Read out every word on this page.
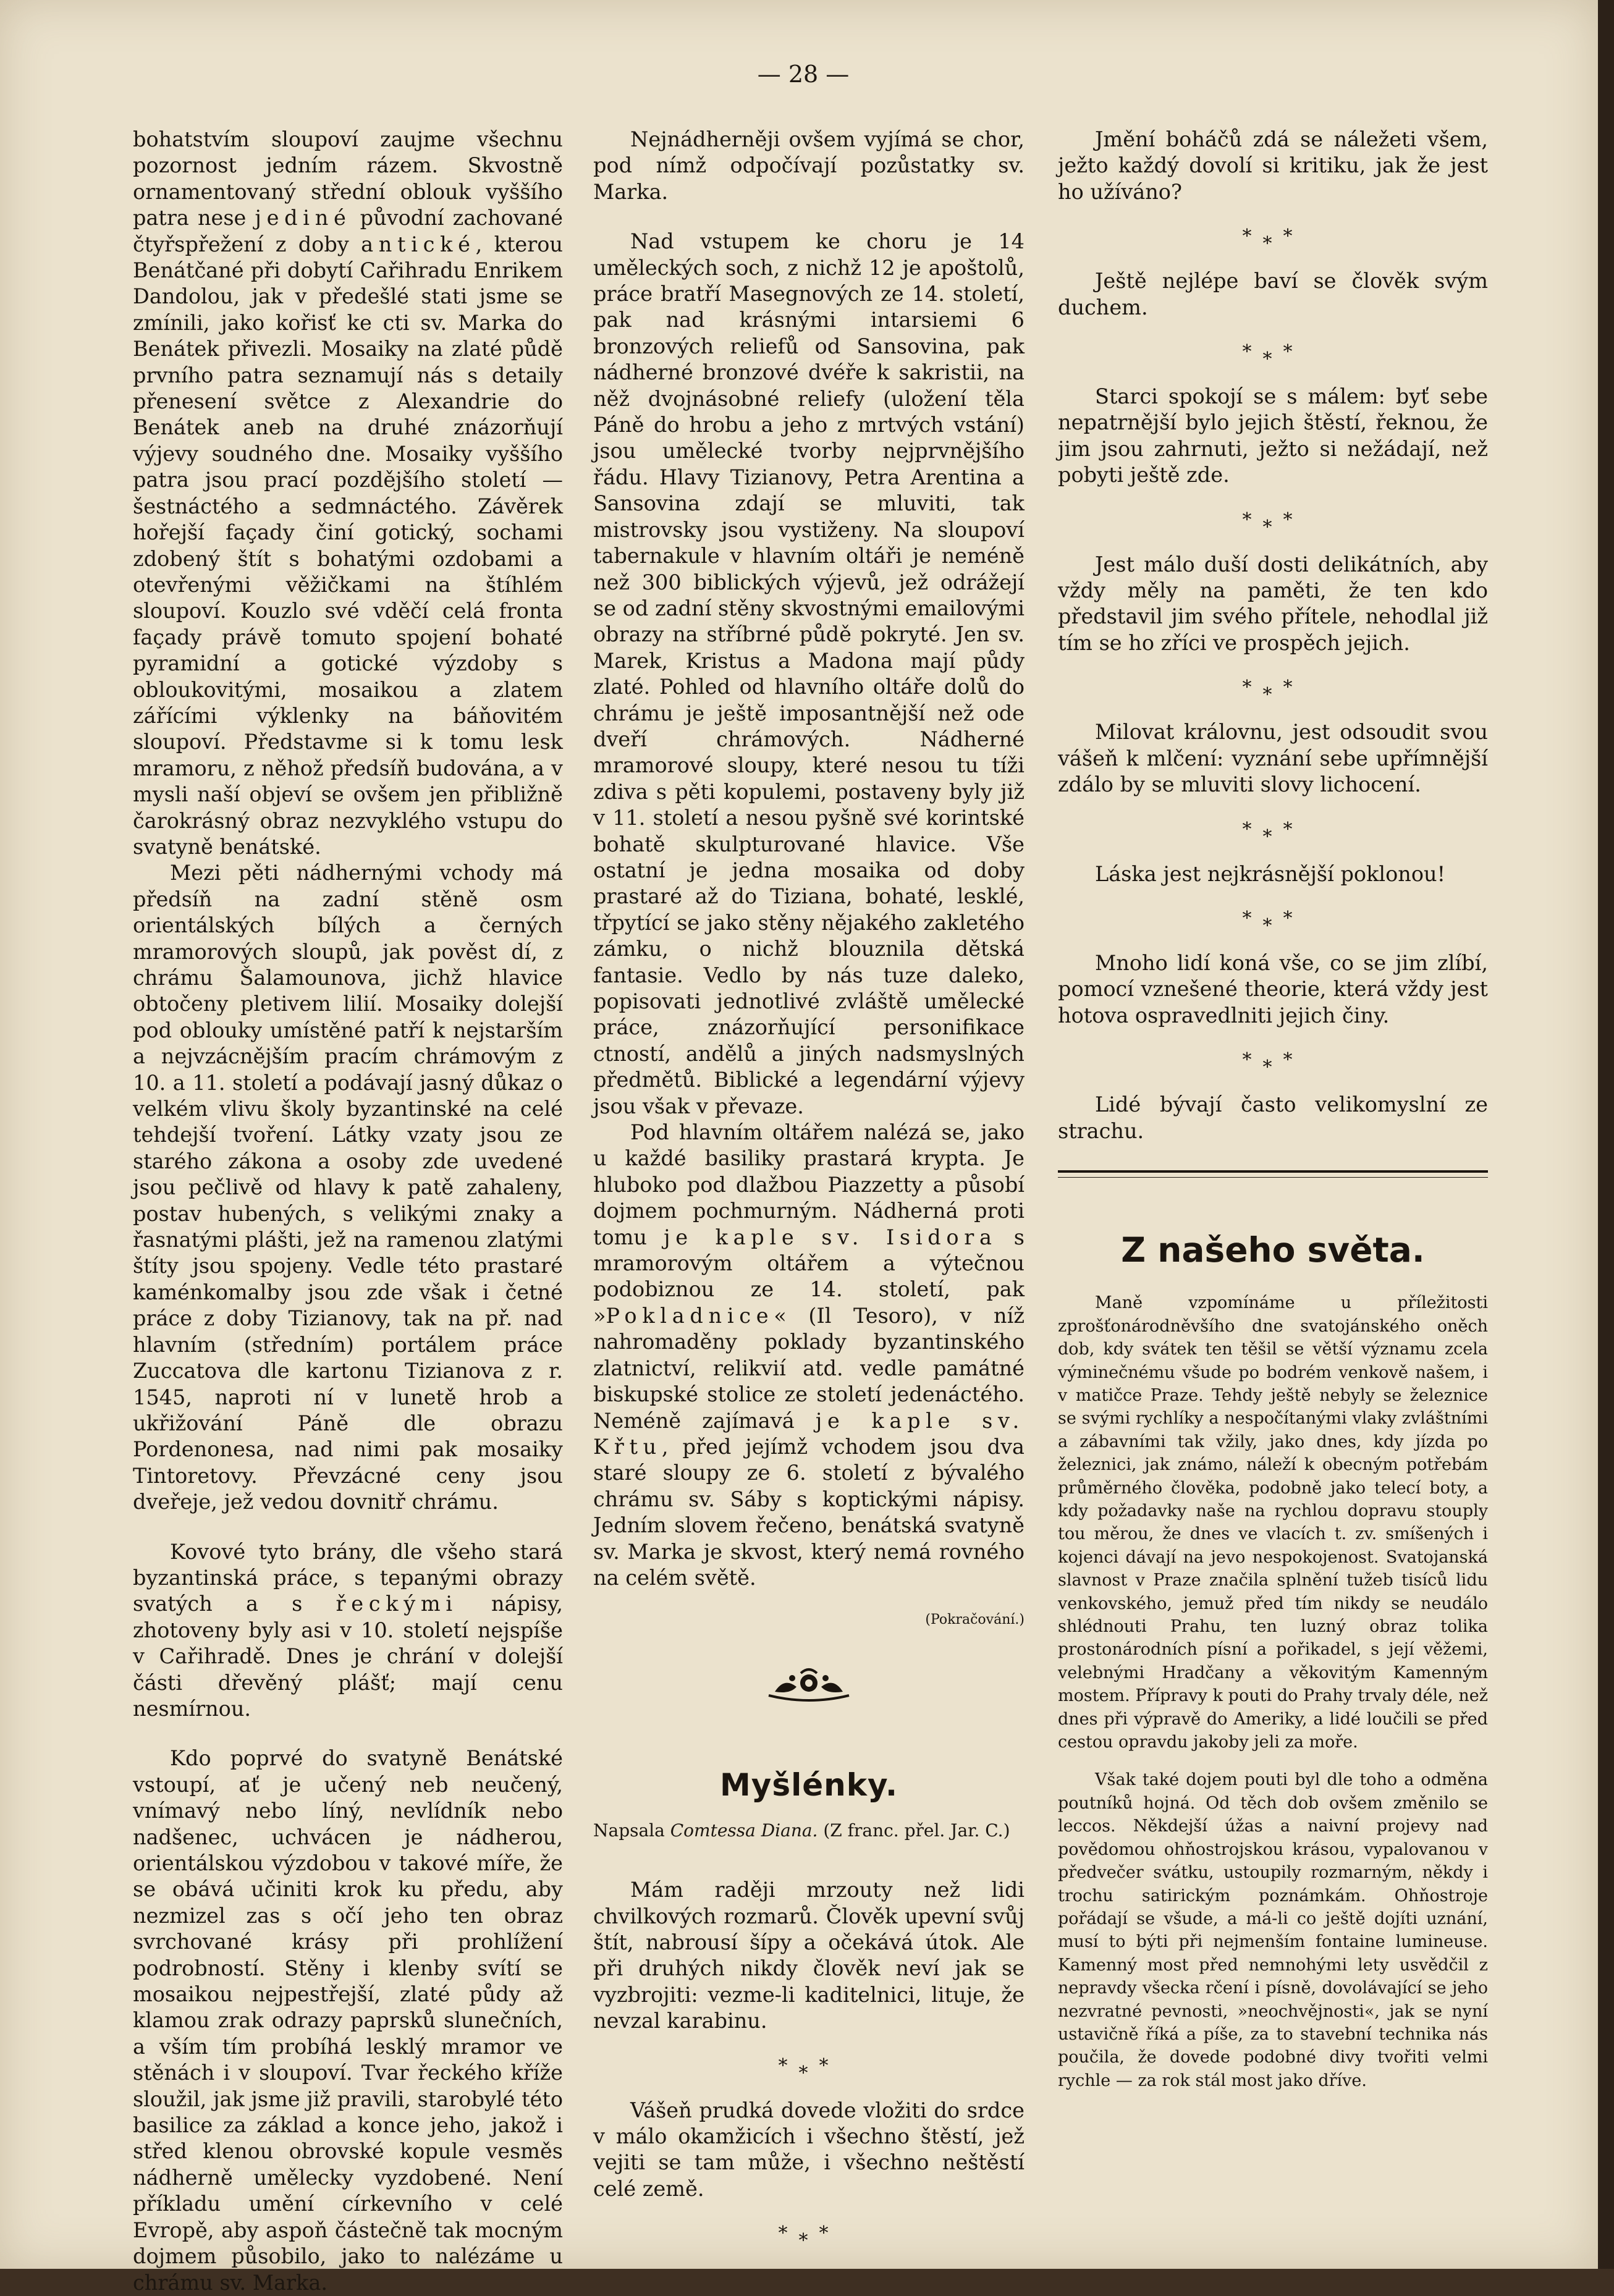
— 28 —

bohatstvím sloupoví zaujme všechnu pozornost jedním rázem. Skvostně ornamentovaný střední oblouk vyššího patra nese jediné původní zachované čtyřspřežení z doby antické, kterou Benátčané při dobytí Cařihradu Enrikem Dandolou, jak v předešlé stati jsme se zmínili, jako kořisť ke cti sv. Marka do Benátek přivezli. Mosaiky na zlaté půdě prvního patra seznamují nás s detaily přenesení světce z Alexandrie do Benátek aneb na druhé znázorňují výjevy soudného dne. Mosaiky vyššího patra jsou prací pozdějšího století — šestnáctého a sedmnáctého. Závěrek hořejší façady činí gotický, sochami zdobený štít s bohatými ozdobami a otevřenými věžičkami na štíhlém sloupoví. Kouzlo své vděčí celá fronta façady právě tomuto spojení bohaté pyramidní a gotické výzdoby s obloukovitými, mosaikou a zlatem zářícími výklenky na báňovitém sloupoví. Představme si k tomu lesk mramoru, z něhož předsíň budována, a v mysli naší objeví se ovšem jen přibližně čarokrásný obraz nezvyklého vstupu do svatyně benátské.

Mezi pěti nádhernými vchody má předsíň na zadní stěně osm orientálských bílých a černých mramorových sloupů, jak pověst dí, z chrámu Šalamounova, jichž hlavice obtočeny pletivem lilií. Mosaiky dolejší pod oblouky umístěné patří k nejstarším a nejvzácnějším pracím chrámovým z 10. a 11. století a podávají jasný důkaz o velkém vlivu školy byzantinské na celé tehdejší tvoření. Látky vzaty jsou ze starého zákona a osoby zde uvedené jsou pečlivě od hlavy k patě zahaleny, postav hubených, s velikými znaky a řasnatými plášti, jež na ramenou zlatými štíty jsou spojeny. Vedle této prastaré kaménkomalby jsou zde však i četné práce z doby Tizianovy, tak na př. nad hlavním (středním) portálem práce Zuccatova dle kartonu Tizianova z r. 1545, naproti ní v lunetě hrob a ukřižování Páně dle obrazu Pordenonesa, nad nimi pak mosaiky Tintoretovy. Převzácné ceny jsou dveřeje, jež vedou dovnitř chrámu.

Kovové tyto brány, dle všeho stará byzantinská práce, s tepanými obrazy svatých a s řeckými nápisy, zhotoveny byly asi v 10. století nejspíše v Cařihradě. Dnes je chrání v dolejší části dřevěný plášť; mají cenu nesmírnou.

Kdo poprvé do svatyně Benátské vstoupí, ať je učený neb neučený, vnímavý nebo líný, nevlídník nebo nadšenec, uchvácen je nádherou, orientálskou výzdobou v takové míře, že se obává učiniti krok ku předu, aby nezmizel zas s očí jeho ten obraz svrchované krásy při prohlížení podrobností. Stěny i klenby svítí se mosaikou nejpestřejší, zlaté půdy až klamou zrak odrazy paprsků slunečních, a vším tím probíhá lesklý mramor ve stěnách i v sloupoví. Tvar řeckého kříže sloužil, jak jsme již pravili, starobylé této basilice za základ a konce jeho, jakož i střed klenou obrovské kopule vesměs nádherně umělecky vyzdobené. Není příkladu umění církevního v celé Evropě, aby aspoň částečně tak mocným dojmem působilo, jako to nalézáme u chrámu sv. Marka.

Nejnádherněji ovšem vyjímá se chor, pod nímž odpočívají pozůstatky sv. Marka.

Nad vstupem ke choru je 14 uměleckých soch, z nichž 12 je apoštolů, práce bratří Masegnových ze 14. století, pak nad krásnými intarsiemi 6 bronzových reliefů od Sansovina, pak nádherné bronzové dvéře k sakristii, na něž dvojnásobné reliefy (uložení těla Páně do hrobu a jeho z mrtvých vstání) jsou umělecké tvorby nejprvnějšího řádu. Hlavy Tizianovy, Petra Arentina a Sansovina zdají se mluviti, tak mistrovsky jsou vystiženy. Na sloupoví tabernakule v hlavním oltáři je neméně než 300 biblických výjevů, jež odrážejí se od zadní stěny skvostnými emailovými obrazy na stříbrné půdě pokryté. Jen sv. Marek, Kristus a Madona mají půdy zlaté. Pohled od hlavního oltáře dolů do chrámu je ještě imposantnější než ode dveří chrámových. Nádherné mramorové sloupy, které nesou tu tíži zdiva s pěti kopulemi, postaveny byly již v 11. století a nesou pyšně své korintské bohatě skulpturované hlavice. Vše ostatní je jedna mosaika od doby prastaré až do Tiziana, bohaté, lesklé, třpytící se jako stěny nějakého zakletého zámku, o nichž blouznila dětská fantasie. Vedlo by nás tuze daleko, popisovati jednotlivé zvláště umělecké práce, znázorňující personifikace ctností, andělů a jiných nadsmyslných předmětů. Biblické a legendární výjevy jsou však v převaze.

Pod hlavním oltářem nalézá se, jako u každé basiliky prastará krypta. Je hluboko pod dlažbou Piazzetty a působí dojmem pochmurným. Nádherná proti tomu je kaple sv. Isidora s mramorovým oltářem a výtečnou podobiznou ze 14. století, pak »Pokladnice« (Il Tesoro), v níž nahromaděny poklady byzantinského zlatnictví, relikvií atd. vedle památné biskupské stolice ze století jedenáctého. Neméně zajímavá je kaple sv. Křtu, před jejímž vchodem jsou dva staré sloupy ze 6. století z bývalého chrámu sv. Sáby s koptickými nápisy. Jedním slovem řečeno, benátská svatyně sv. Marka je skvost, který nemá rovného na celém světě.

(Pokračování.)

Myšlénky.

Napsala Comtessa Diana. (Z franc. přel. Jar. C.)

Mám raději mrzouty než lidi chvilkových rozmarů. Člověk upevní svůj štít, nabrousí šípy a očekává útok. Ale při druhých nikdy člověk neví jak se vyzbrojiti: vezme-li kaditelnici, lituje, že nevzal karabinu.

***

Vášeň prudká dovede vložiti do srdce v málo okamžicích i všechno štěstí, jež vejiti se tam může, i všechno neštěstí celé země.

***

Jmění boháčů zdá se náležeti všem, ježto každý dovolí si kritiku, jak že jest ho užíváno?

***

Ještě nejlépe baví se člověk svým duchem.

***

Starci spokojí se s málem: byť sebe nepatrnější bylo jejich štěstí, řeknou, že jim jsou zahrnuti, ježto si nežádají, než pobyti ještě zde.

***

Jest málo duší dosti delikátních, aby vždy měly na paměti, že ten kdo představil jim svého přítele, nehodlal již tím se ho zříci ve prospěch jejich.

***

Milovat královnu, jest odsoudit svou vášeň k mlčení: vyznání sebe upřímnější zdálo by se mluviti slovy lichocení.

***

Láska jest nejkrásnější poklonou!

***

Mnoho lidí koná vše, co se jim zlíbí, pomocí vznešené theorie, která vždy jest hotova ospravedlniti jejich činy.

***

Lidé bývají často velikomyslní ze strachu.

Z našeho světa.

Maně vzpomínáme u příležitosti zprošťonárodněvšího dne svatojánského oněch dob, kdy svátek ten těšil se větší významu zcela výminečnému všude po bodrém venkově našem, i v matičce Praze. Tehdy ještě nebyly se železnice se svými rychlíky a nespočítanými vlaky zvláštními a zábavními tak vžily, jako dnes, kdy jízda po železnici, jak známo, náleží k obecným potřebám průměrného člověka, podobně jako telecí boty, a kdy požadavky naše na rychlou dopravu stouply tou měrou, že dnes ve vlacích t. zv. smíšených i kojenci dávají na jevo nespokojenost. Svatojanská slavnost v Praze značila splnění tužeb tisíců lidu venkovského, jemuž před tím nikdy se neudálo shlédnouti Prahu, ten luzný obraz tolika prostonárodních písní a pořikadel, s její věžemi, velebnými Hradčany a věkovitým Kamenným mostem. Přípravy k pouti do Prahy trvaly déle, než dnes při výpravě do Ameriky, a lidé loučili se před cestou opravdu jakoby jeli za moře.

Však také dojem pouti byl dle toho a odměna poutníků hojná. Od těch dob ovšem změnilo se leccos. Někdejší úžas a naivní projevy nad povědomou ohňostrojskou krásou, vypalovanou v předvečer svátku, ustoupily rozmarným, někdy i trochu satirickým poznámkám. Ohňostroje pořádají se všude, a má-li co ještě dojíti uznání, musí to býti při nejmenším fontaine lumineuse. Kamenný most před nemnohými lety usvědčil z nepravdy všecka rčení i písně, dovolávající se jeho nezvratné pevnosti, »neochvějnosti«, jak se nyní ustavičně říká a píše, za to stavební technika nás poučila, že dovede podobné divy tvořiti velmi rychle — za rok stál most jako dříve.
